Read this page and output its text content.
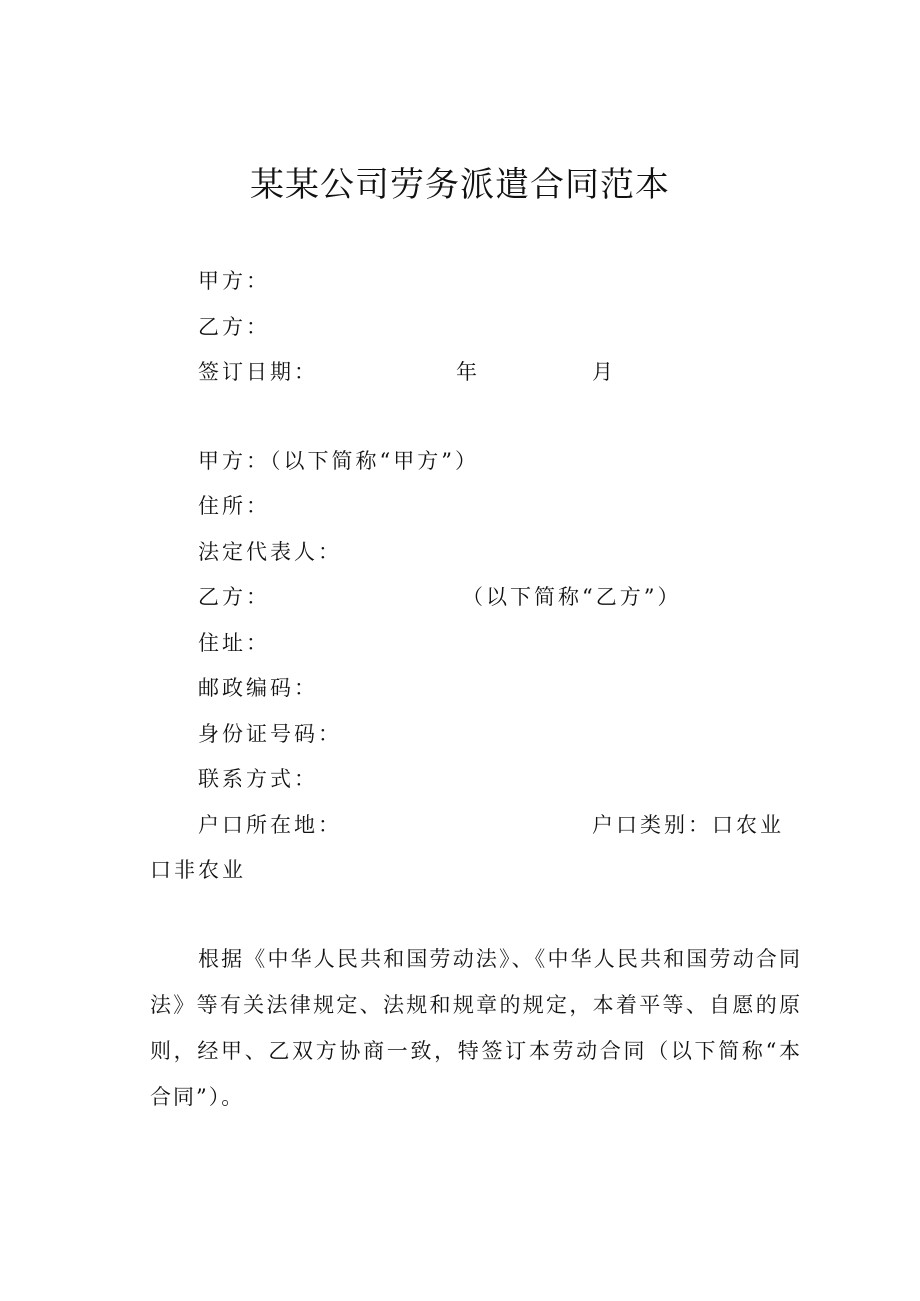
某某公司劳务派遣合同范本
甲方：
乙方：
签订日期：	年	月
甲方：（以下简称“甲方”）
住所：
法定代表人：
乙方：	（以下简称“乙方”）
住址：
邮政编码：
身份证号码：
联系方式：
户口所在地：	户口类别：口农业
口非农业

根据《中华人民共和国劳动法》、《中华人民共和国劳动合同法》等有关法律规定、法规和规章的规定，本着平等、自愿的原则，经甲、乙双方协商一致，特签订本劳动合同（以下简称“本合同”）。
